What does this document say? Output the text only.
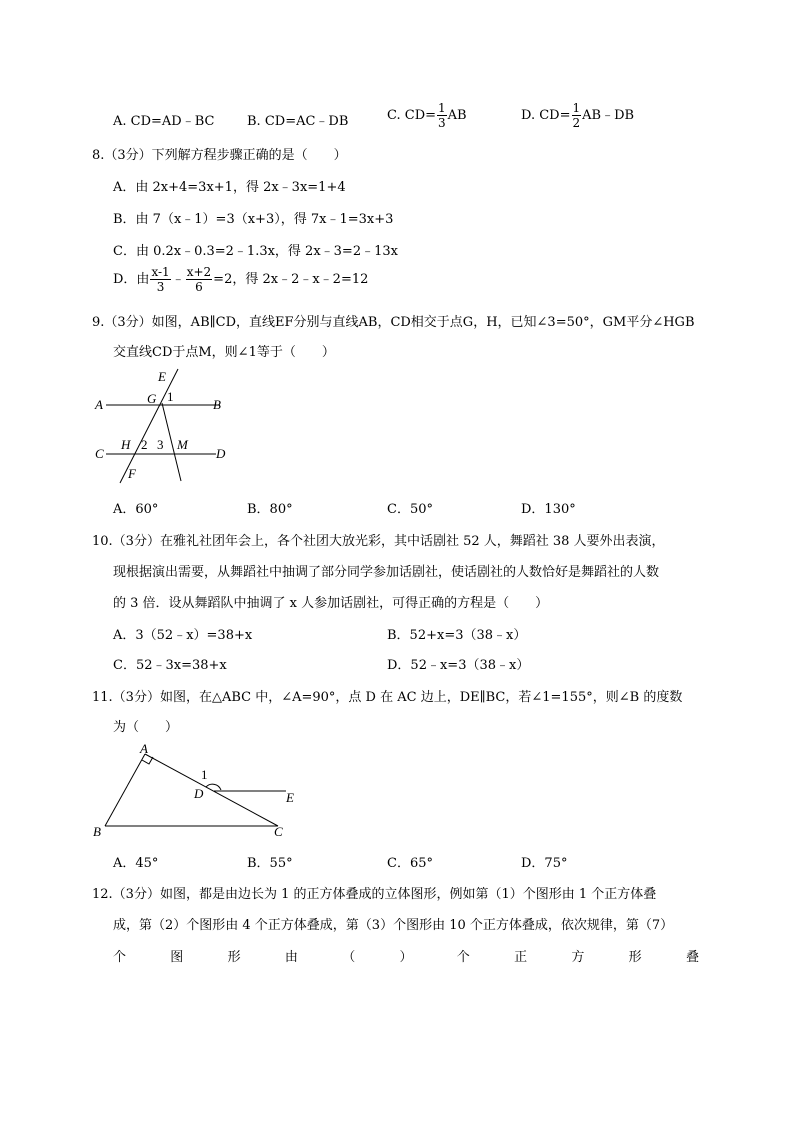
A. CD=AD﹣BC	B. CD=AC﹣DB	C. $CD= \frac{1}{3}$ AB	D. $CD= \frac{1}{2}$ AB﹣DB
8.（3分）下列解方程步骤正确的是（　　）
A．由 2x+4=3x+1，得 2x﹣3x=1+4
B．由 7（x﹣1）=3（x+3），得 7x﹣1=3x+3
C．由 0.2x﹣0.3=2﹣1.3x，得 2x﹣3=2﹣13x
D．由 $\frac{x-1}{3}$ ﹣ $\frac{x+2}{6} =2$，得 2x﹣2﹣x﹣2=12
9.（3分）如图，AB∥CD，直线EF分别与直线AB，CD相交于点G，H，已知∠3=50°，GM平分∠HGB
交直线CD于点M，则∠1等于（　　）
E
A	G 1
B
C
H 2 3 M
D
F
A．60°	B．80°	C．50°	D．130°
10.（3分）在雅礼社团年会上，各个社团大放光彩，其中话剧社 52 人，舞蹈社 38 人要外出表演，
现根据演出需要，从舞蹈社中抽调了部分同学参加话剧社，使话剧社的人数恰好是舞蹈社的人数
的 3 倍．设从舞蹈队中抽调了 x 人参加话剧社，可得正确的方程是（　　）
A．3（52﹣x）=38+x	B．52+x=3（38﹣x）
C．52﹣3x=38+x	D．52﹣x=3（38﹣x）
11.（3分）如图，在△ABC 中，∠A=90°，点 D 在 AC 边上，DE∥BC，若∠1=155°，则∠B 的度数
为（　　）
A
1
D	E
B	C
A．45°	B．55°	C．65°	D．75°
12.（3分）如图，都是由边长为 1 的正方体叠成的立体图形，例如第（1）个图形由 1 个正方体叠
成，第（2）个图形由 4 个正方体叠成，第（3）个图形由 10 个正方体叠成，依次规律，第（7）
个	图	形	由	（	）	个	正	方	形	叠
